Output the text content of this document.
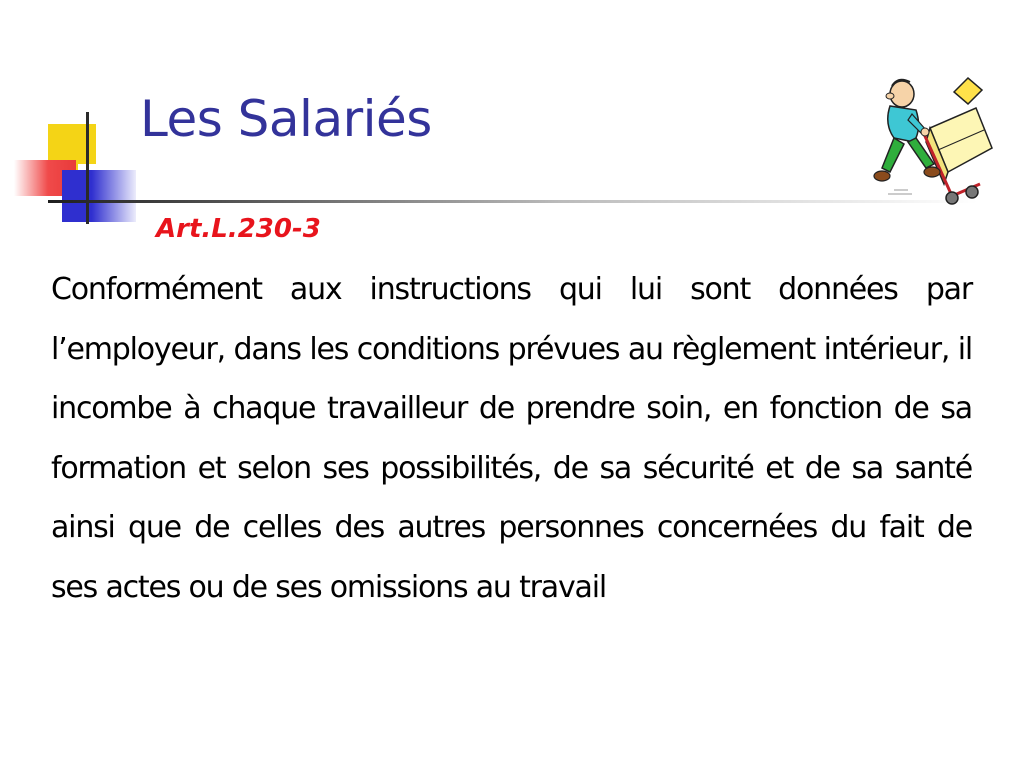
Les Salariés
Art.L.230-3

Conformément aux instructions qui lui sont données par l’employeur, dans les conditions prévues au règlement intérieur, il incombe à chaque travailleur de prendre soin, en fonction de sa formation et selon ses possibilités, de sa sécurité et de sa santé ainsi que de celles des autres personnes concernées du fait de ses actes ou de ses omissions au travail
